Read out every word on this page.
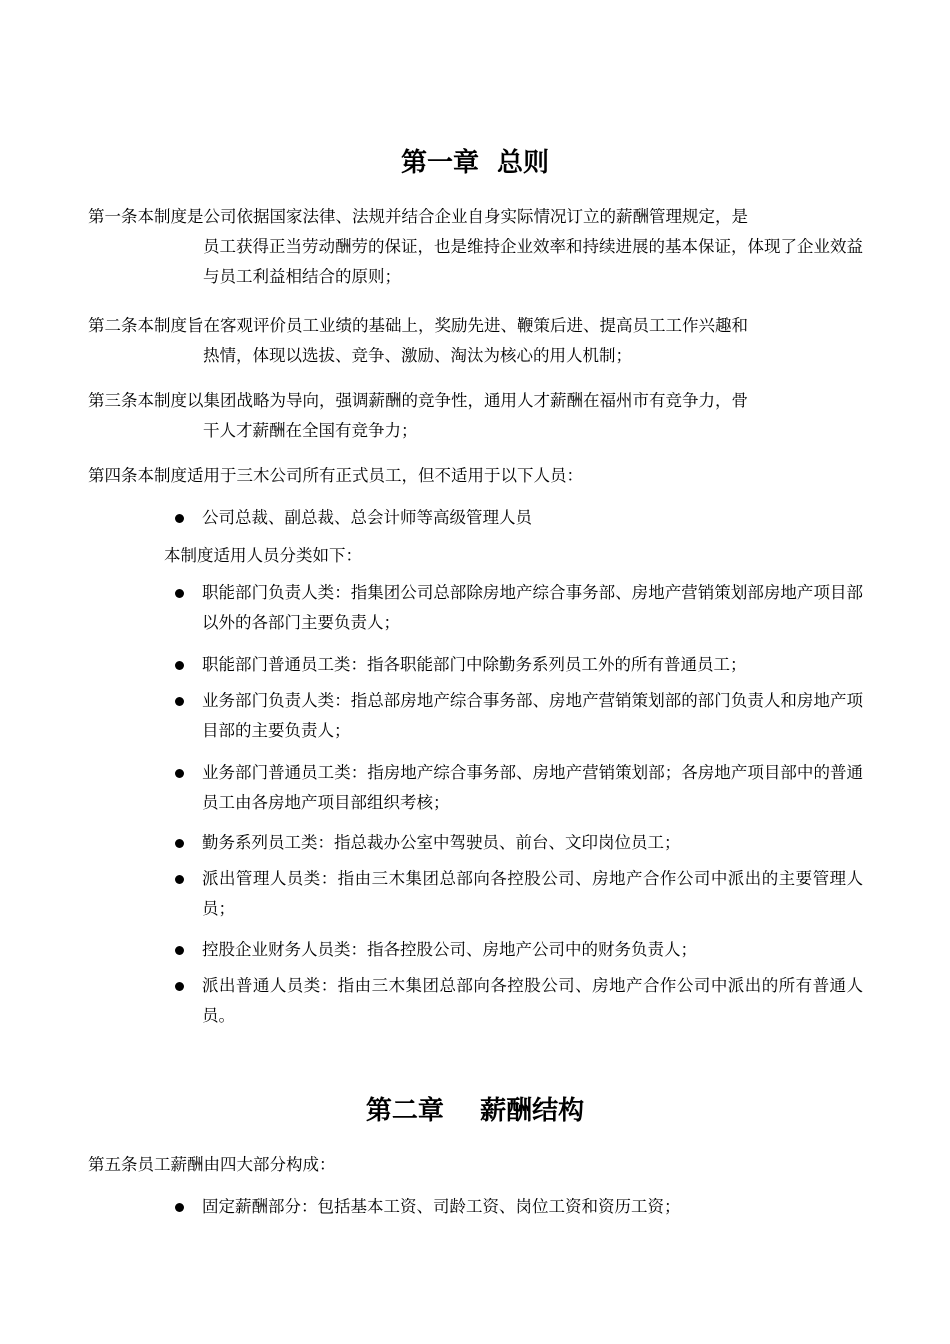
第一章  总则
第一条本制度是公司依据国家法律、法规并结合企业自身实际情况订立的薪酬管理规定，是
员工获得正当劳动酬劳的保证，也是维持企业效率和持续进展的基本保证，体现了企业效益与员工利益相结合的原则；
第二条本制度旨在客观评价员工业绩的基础上，奖励先进、鞭策后进、提高员工工作兴趣和
热情，体现以选拔、竞争、激励、淘汰为核心的用人机制；
第三条本制度以集团战略为导向，强调薪酬的竞争性，通用人才薪酬在福州市有竞争力，骨
干人才薪酬在全国有竞争力；
第四条本制度适用于三木公司所有正式员工，但不适用于以下人员：
公司总裁、副总裁、总会计师等高级管理人员
本制度适用人员分类如下：
职能部门负责人类：指集团公司总部除房地产综合事务部、房地产营销策划部房地产项目部以外的各部门主要负责人；
职能部门普通员工类：指各职能部门中除勤务系列员工外的所有普通员工；
业务部门负责人类：指总部房地产综合事务部、房地产营销策划部的部门负责人和房地产项目部的主要负责人；
业务部门普通员工类：指房地产综合事务部、房地产营销策划部；各房地产项目部中的普通员工由各房地产项目部组织考核；
勤务系列员工类：指总裁办公室中驾驶员、前台、文印岗位员工；
派出管理人员类：指由三木集团总部向各控股公司、房地产合作公司中派出的主要管理人员；
控股企业财务人员类：指各控股公司、房地产公司中的财务负责人；
派出普通人员类：指由三木集团总部向各控股公司、房地产合作公司中派出的所有普通人员。
第二章    薪酬结构
第五条员工薪酬由四大部分构成：
固定薪酬部分：包括基本工资、司龄工资、岗位工资和资历工资；
